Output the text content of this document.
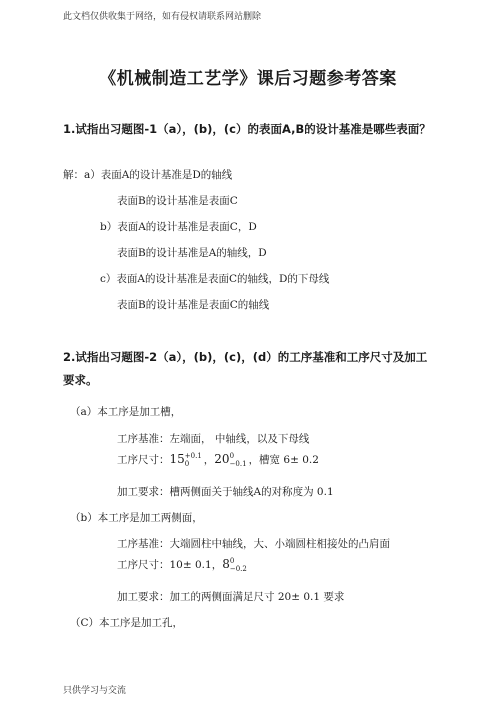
此文档仅供收集于网络，如有侵权请联系网站删除
《机械制造工艺学》课后习题参考答案
1.试指出习题图-1（a），(b)，(c）的表面A,B的设计基准是哪些表面？
解：a）表面A的设计基准是D的轴线
表面B的设计基准是表面C
b）表面A的设计基准是表面C，D
表面B的设计基准是A的轴线，D
c）表面A的设计基准是表面C的轴线，D的下母线
表面B的设计基准是表面C的轴线
2.试指出习题图-2（a），(b)，(c)，(d）的工序基准和工序尺寸及加工要求。
（a）本工序是加工槽，
工序基准：左端面， 中轴线，以及下母线
工序尺寸：15 +0.1
0	，20 0
−0.1 ，槽宽 6± 0.2
加工要求：槽两侧面关于轴线A的对称度为 0.1
（b）本工序是加工两侧面，
工序基准：大端圆柱中轴线，大、小端圆柱相接处的凸肩面
工序尺寸：10± 0.1，8 0
−0.2
加工要求：加工的两侧面满足尺寸 20± 0.1 要求
（C）本工序是加工孔，
只供学习与交流
